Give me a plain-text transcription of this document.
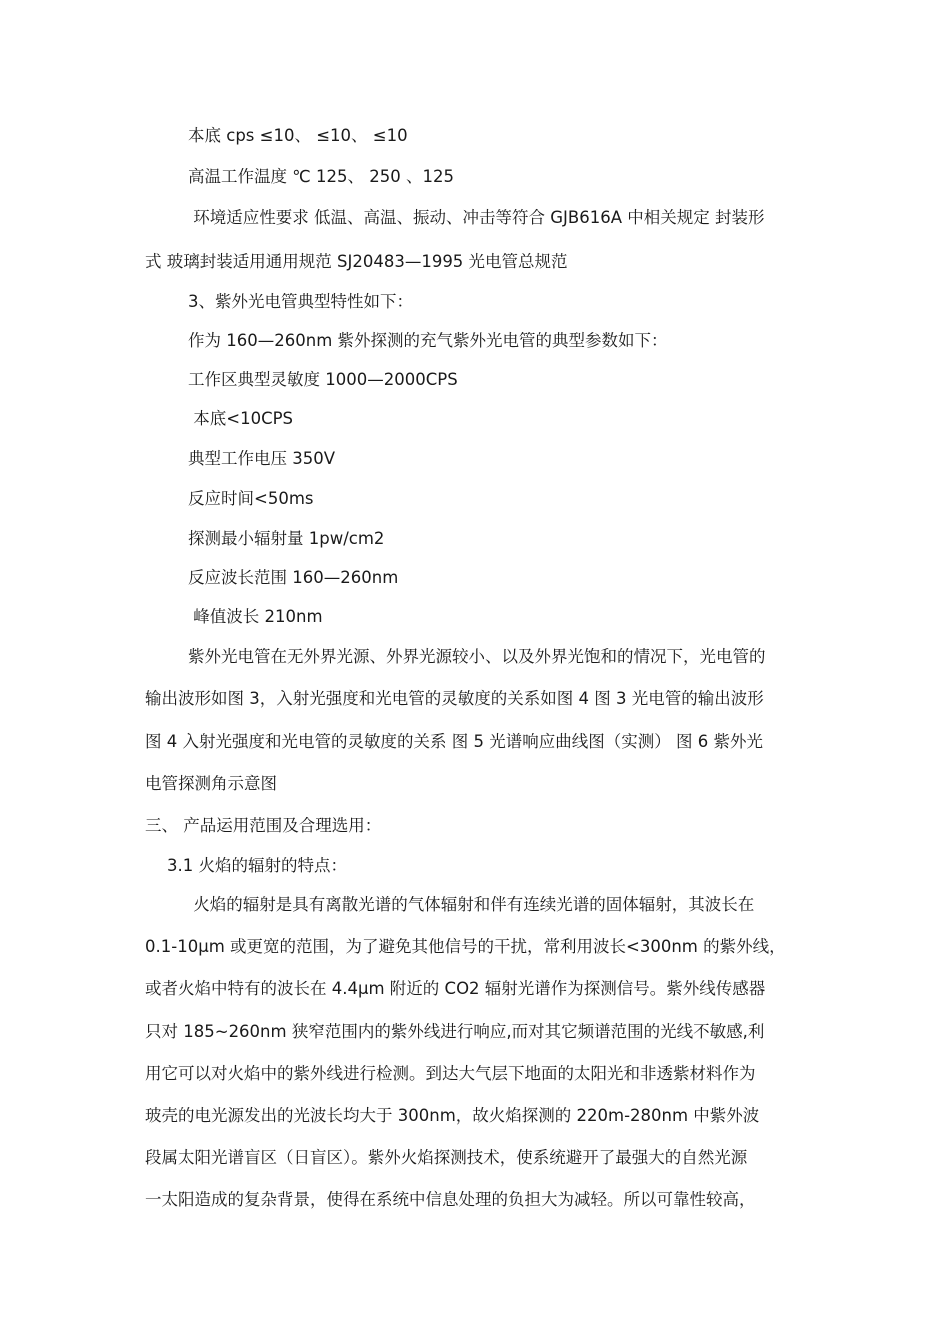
本底 cps ≤10、 ≤10、 ≤10
高温工作温度 ℃ 125、 250 、125
环境适应性要求 低温、高温、振动、冲击等符合 GJB616A 中相关规定 封装形
式 玻璃封装适用通用规范 SJ20483—1995 光电管总规范
3、紫外光电管典型特性如下：
作为 160—260nm 紫外探测的充气紫外光电管的典型参数如下：
工作区典型灵敏度 1000—2000CPS
本底<10CPS
典型工作电压 350V
反应时间<50ms
探测最小辐射量 1pw/cm2
反应波长范围 160—260nm
峰值波长 210nm
紫外光电管在无外界光源、外界光源较小、以及外界光饱和的情况下，光电管的
输出波形如图 3，入射光强度和光电管的灵敏度的关系如图 4 图 3 光电管的输出波形
图 4 入射光强度和光电管的灵敏度的关系 图 5 光谱响应曲线图（实测） 图 6 紫外光
电管探测角示意图
三、 产品运用范围及合理选用：
3.1 火焰的辐射的特点：
火焰的辐射是具有离散光谱的气体辐射和伴有连续光谱的固体辐射，其波长在
0.1-10μm 或更宽的范围，为了避免其他信号的干扰，常利用波长<300nm 的紫外线，
或者火焰中特有的波长在 4.4μm 附近的 CO2 辐射光谱作为探测信号。紫外线传感器
只对 185~260nm 狭窄范围内的紫外线进行响应,而对其它频谱范围的光线不敏感,利
用它可以对火焰中的紫外线进行检测。到达大气层下地面的太阳光和非透紫材料作为
玻壳的电光源发出的光波长均大于 300nm，故火焰探测的 220m-280nm 中紫外波
段属太阳光谱盲区（日盲区）。紫外火焰探测技术，使系统避开了最强大的自然光源
一太阳造成的复杂背景，使得在系统中信息处理的负担大为减轻。所以可靠性较高，
